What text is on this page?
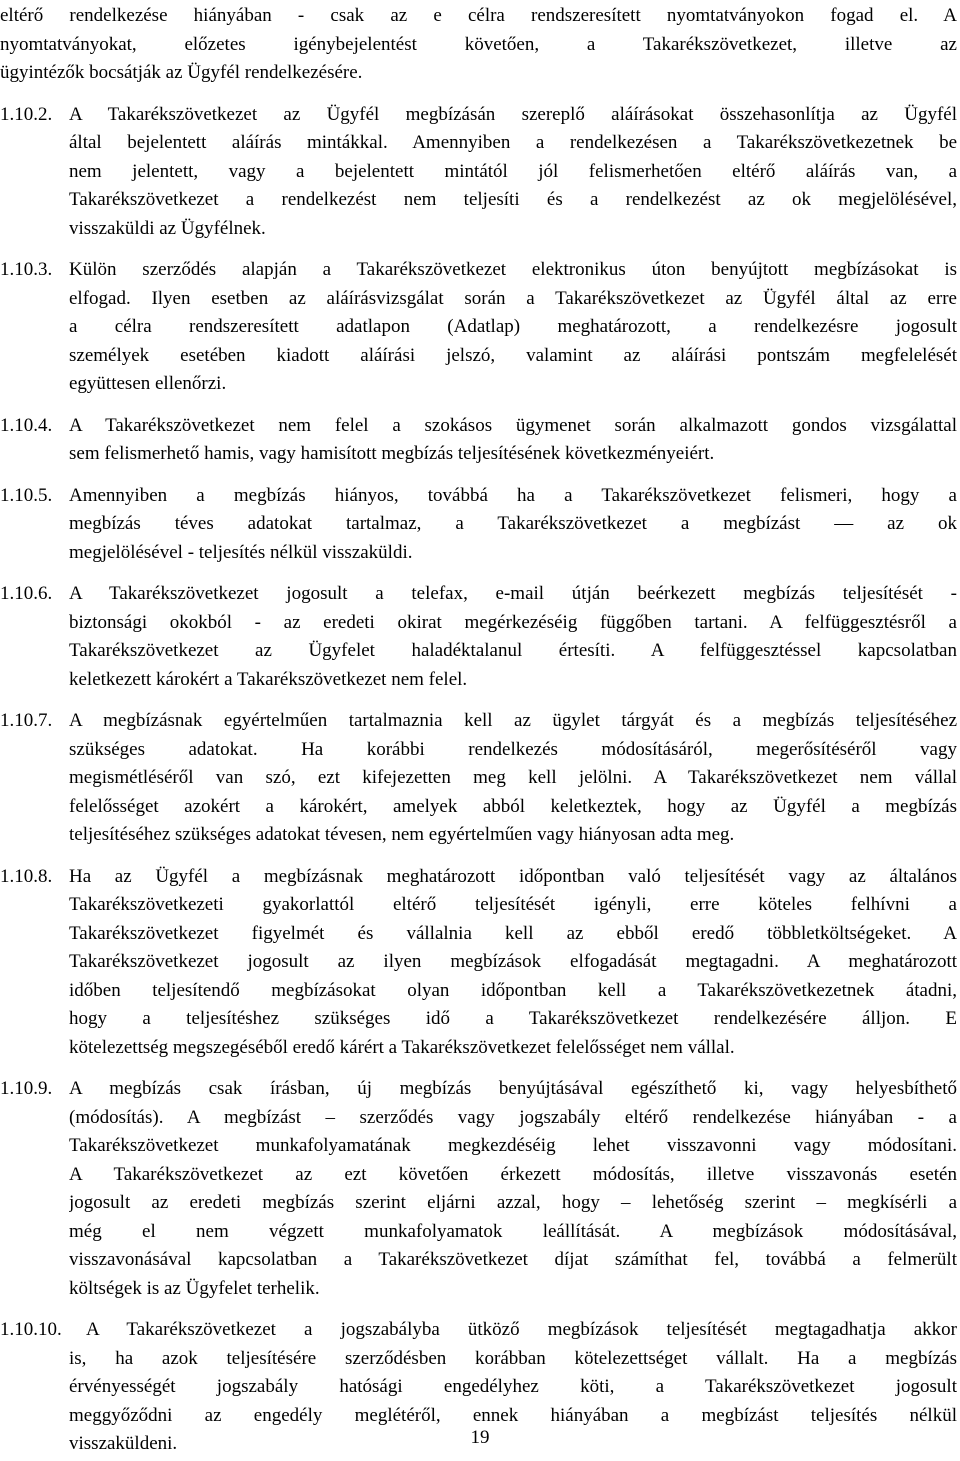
eltérő rendelkezése hiányában - csak az e célra rendszeresített nyomtatványokon fogad el. A
nyomtatványokat, előzetes igénybejelentést követően, a Takarékszövetkezet, illetve az
ügyintézők bocsátják az Ügyfél rendelkezésére.
1.10.2. A Takarékszövetkezet az Ügyfél megbízásán szereplő aláírásokat összehasonlítja az Ügyfél
által bejelentett aláírás mintákkal. Amennyiben a rendelkezésen a Takarékszövetkezetnek be
nem jelentett, vagy a bejelentett mintától jól felismerhetően eltérő aláírás van, a
Takarékszövetkezet a rendelkezést nem teljesíti és a rendelkezést az ok megjelölésével,
visszaküldi az Ügyfélnek.
1.10.3. Külön szerződés alapján a Takarékszövetkezet elektronikus úton benyújtott megbízásokat is
elfogad. Ilyen esetben az aláírásvizsgálat során a Takarékszövetkezet az Ügyfél által az erre
a célra rendszeresített adatlapon (Adatlap) meghatározott, a rendelkezésre jogosult
személyek esetében kiadott aláírási jelszó, valamint az aláírási pontszám megfelelését
együttesen ellenőrzi.
1.10.4. A Takarékszövetkezet nem felel a szokásos ügymenet során alkalmazott gondos vizsgálattal
sem felismerhető hamis, vagy hamisított megbízás teljesítésének következményeiért.
1.10.5. Amennyiben a megbízás hiányos, továbbá ha a Takarékszövetkezet felismeri, hogy a
megbízás téves adatokat tartalmaz, a Takarékszövetkezet a megbízást — az ok
megjelölésével - teljesítés nélkül visszaküldi.
1.10.6. A Takarékszövetkezet jogosult a telefax, e-mail útján beérkezett megbízás teljesítését -
biztonsági okokból - az eredeti okirat megérkezéséig függőben tartani. A felfüggesztésről a
Takarékszövetkezet az Ügyfelet haladéktalanul értesíti. A felfüggesztéssel kapcsolatban
keletkezett károkért a Takarékszövetkezet nem felel.
1.10.7. A megbízásnak egyértelműen tartalmaznia kell az ügylet tárgyát és a megbízás teljesítéséhez
szükséges adatokat. Ha korábbi rendelkezés módosításáról, megerősítéséről vagy
megismétléséről van szó, ezt kifejezetten meg kell jelölni. A Takarékszövetkezet nem vállal
felelősséget azokért a károkért, amelyek abból keletkeztek, hogy az Ügyfél a megbízás
teljesítéséhez szükséges adatokat tévesen, nem egyértelműen vagy hiányosan adta meg.
1.10.8. Ha az Ügyfél a megbízásnak meghatározott időpontban való teljesítését vagy az általános
Takarékszövetkezeti gyakorlattól eltérő teljesítését igényli, erre köteles felhívni a
Takarékszövetkezet figyelmét és vállalnia kell az ebből eredő többletköltségeket. A
Takarékszövetkezet jogosult az ilyen megbízások elfogadását megtagadni. A meghatározott
időben teljesítendő megbízásokat olyan időpontban kell a Takarékszövetkezetnek átadni,
hogy a teljesítéshez szükséges idő a Takarékszövetkezet rendelkezésére álljon. E
kötelezettség megszegéséből eredő kárért a Takarékszövetkezet felelősséget nem vállal.
1.10.9. A megbízás csak írásban, új megbízás benyújtásával egészíthető ki, vagy helyesbíthető
(módosítás). A megbízást – szerződés vagy jogszabály eltérő rendelkezése hiányában - a
Takarékszövetkezet munkafolyamatának megkezdéséig lehet visszavonni vagy módosítani.
A Takarékszövetkezet az ezt követően érkezett módosítás, illetve visszavonás esetén
jogosult az eredeti megbízás szerint eljárni azzal, hogy – lehetőség szerint – megkísérli a
még el nem végzett munkafolyamatok leállítását. A megbízások módosításával,
visszavonásával kapcsolatban a Takarékszövetkezet díjat számíthat fel, továbbá a felmerült
költségek is az Ügyfelet terhelik.
1.10.10. A Takarékszövetkezet a jogszabályba ütköző megbízások teljesítését megtagadhatja akkor
is, ha azok teljesítésére szerződésben korábban kötelezettséget vállalt. Ha a megbízás
érvényességét jogszabály hatósági engedélyhez köti, a Takarékszövetkezet jogosult
meggyőződni az engedély meglétéről, ennek hiányában a megbízást teljesítés nélkül
visszaküldeni.	19
